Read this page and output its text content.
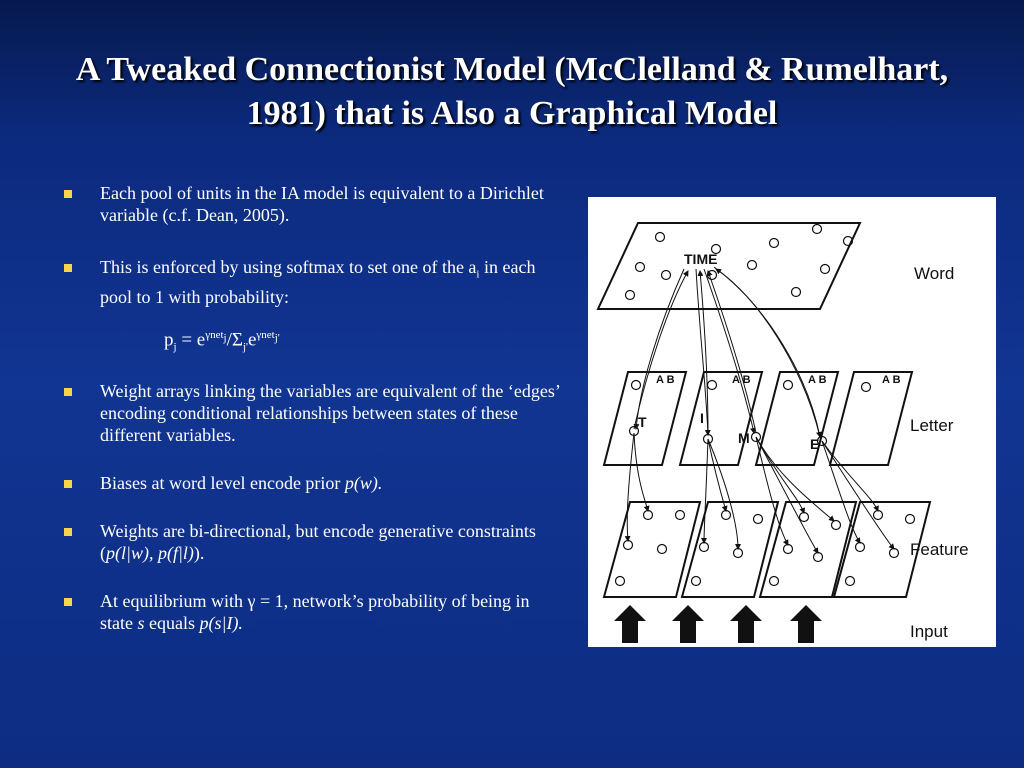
A Tweaked Connectionist Model (McClelland & Rumelhart, 1981) that is Also a Graphical Model
Each pool of units in the IA model is equivalent to a Dirichlet variable (c.f. Dean, 2005).
This is enforced by using softmax to set one of the $a_i$ in each pool to 1 with probability:
$p_j = e^{\gamma net_j}/\Sigma_{j'}e^{\gamma net_{j'}}$
Weight arrays linking the variables are equivalent of the ‘edges’ encoding conditional relationships between states of these different variables.
Biases at word level encode prior p(w).
Weights are bi-directional, but encode generative constraints (p(l|w), p(f|l)).
At equilibrium with γ = 1, network’s probability of being in state s equals p(s|I).
TIME
A B	A B	A B	A B
T	I
M	E
Word
Letter
Feature
Input
